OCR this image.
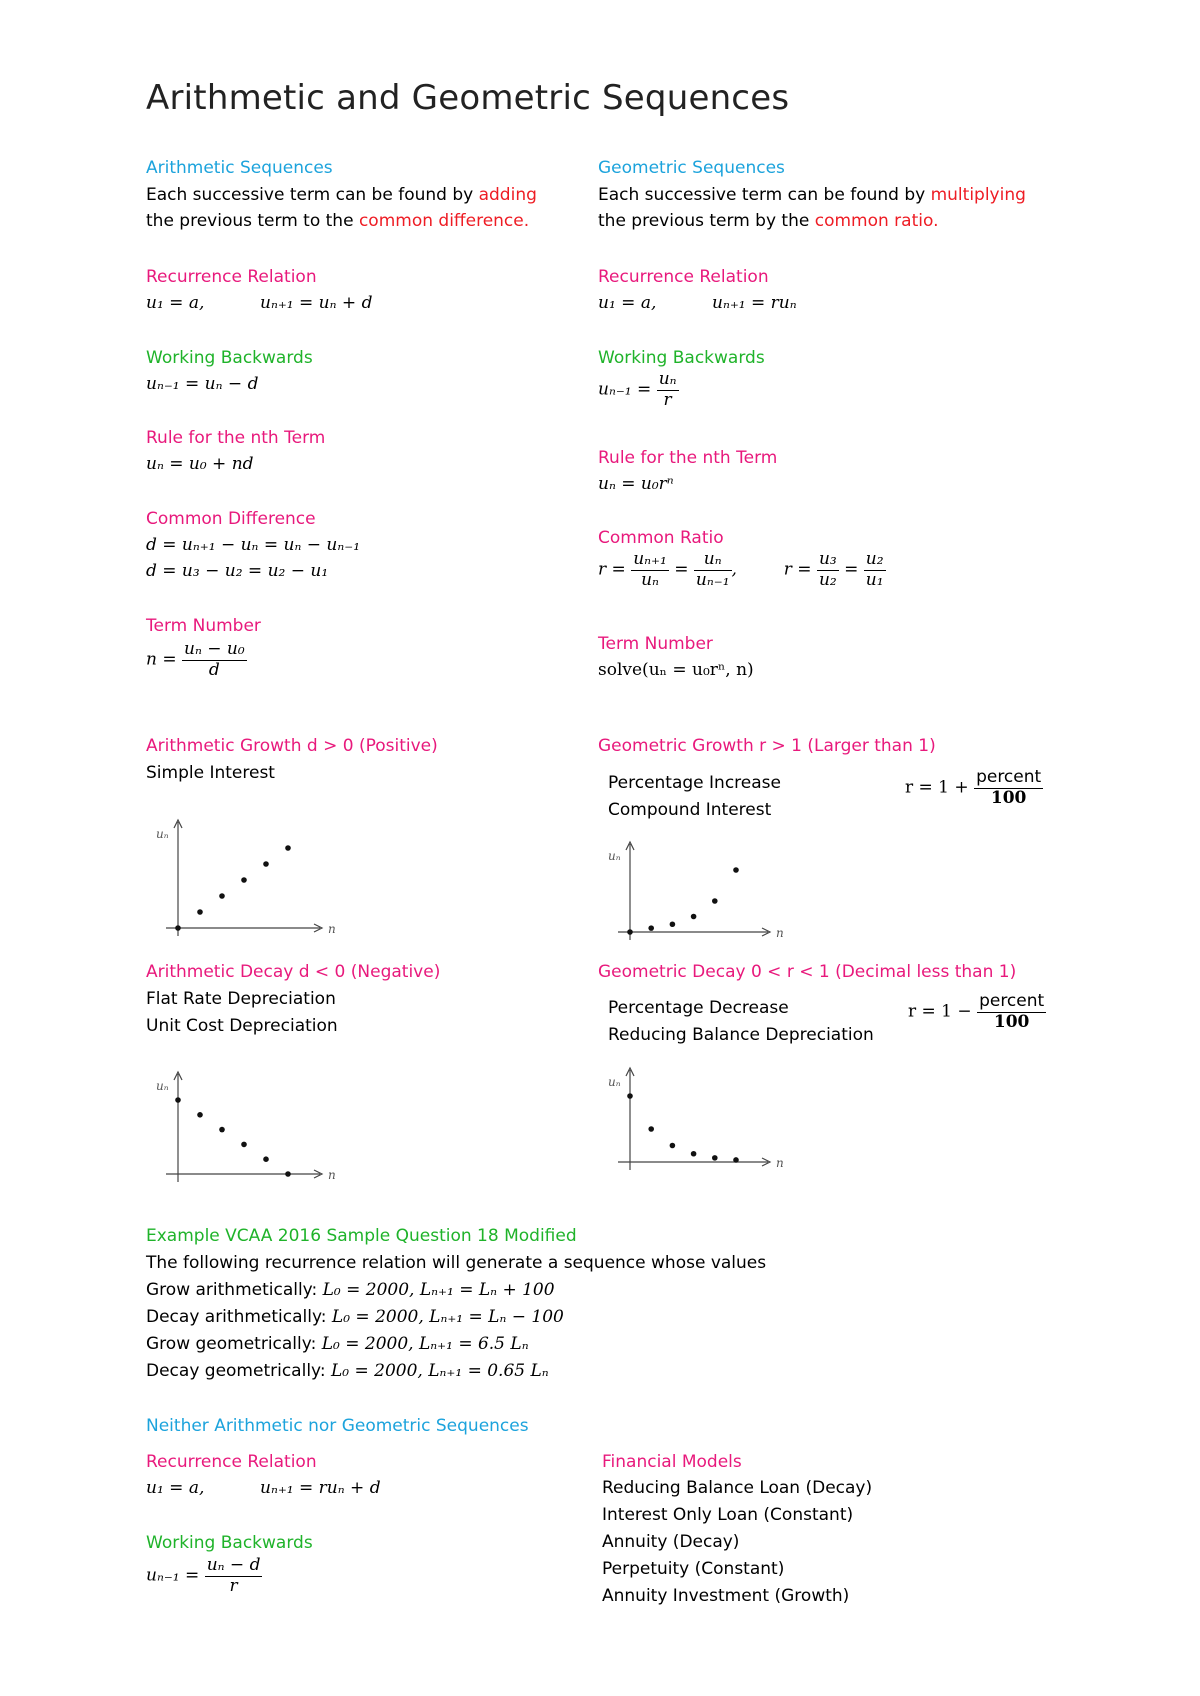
Arithmetic and Geometric Sequences
Arithmetic Sequences
Each successive term can be found by adding
the previous term to the common difference.
Recurrence Relation
u₁ = a,	uₙ₊₁ = uₙ + d
Working Backwards
uₙ₋₁ = uₙ − d
Rule for the nth Term
uₙ = u₀ + nd
Common Difference
d = uₙ₊₁ − uₙ = uₙ − uₙ₋₁
d = u₃ − u₂ = u₂ − u₁
Term Number
$n = \frac{\text{uₙ − u₀}}{d}$
Arithmetic Growth d > 0 (Positive)
Simple Interest
uₙ
n
Arithmetic Decay d < 0 (Negative)
Flat Rate Depreciation
Unit Cost Depreciation
uₙ
n
Geometric Sequences
Each successive term can be found by multiplying
the previous term by the common ratio.
Recurrence Relation
u₁ = a,	uₙ₊₁ = ruₙ
Working Backwards
$u_{n-1} = \frac{\text{uₙ}}{r}$
Rule for the nth Term
uₙ = u₀rⁿ
Common Ratio
$r = \frac{\text{uₙ₊₁}}{\text{uₙ}} = \frac{\text{uₙ}}{\text{uₙ₋₁}}$ ,	$r = \frac{\text{u₃}}{\text{u₂}} = \frac{\text{u₂}}{\text{u₁}}$
Term Number
solve(uₙ = u₀rⁿ, n)
Geometric Growth r > 1 (Larger than 1)
Percentage Increase
Compound Interest
$r = 1 + \frac{\text{percent}}{100}$
uₙ
n
Geometric Decay 0 < r < 1 (Decimal less than 1)
Percentage Decrease
Reducing Balance Depreciation
$r = 1 - \frac{\text{percent}}{100}$
uₙ
n
Example VCAA 2016 Sample Question 18 Modified
The following recurrence relation will generate a sequence whose values
Grow arithmetically: L₀ = 2000, Lₙ₊₁ = Lₙ + 100
Decay arithmetically: L₀ = 2000, Lₙ₊₁ = Lₙ − 100
Grow geometrically: L₀ = 2000, Lₙ₊₁ = 6.5 Lₙ
Decay geometrically: L₀ = 2000, Lₙ₊₁ = 0.65 Lₙ
Neither Arithmetic nor Geometric Sequences
Recurrence Relation
u₁ = a,	uₙ₊₁ = ruₙ + d
Working Backwards
$u_{n-1} = \frac{\text{uₙ − d}}{r}$
Financial Models
Reducing Balance Loan (Decay)
Interest Only Loan (Constant)
Annuity (Decay)
Perpetuity (Constant)
Annuity Investment (Growth)
